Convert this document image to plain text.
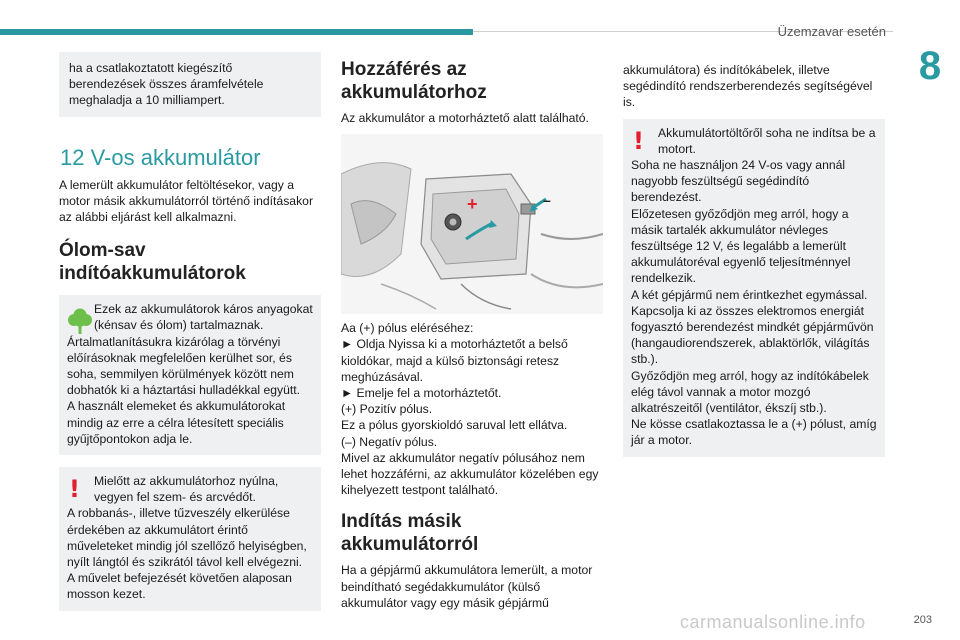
Üzemzavar esetén
8

ha a csatlakoztatott kiegészítő berendezések összes áramfelvétele meghaladja a 10 milliampert.

12 V-os akkumulátor

A lemerült akkumulátor feltöltésekor, vagy a motor másik akkumulátorról történő indításakor az alábbi eljárást kell alkalmazni.

Ólom-sav indítóakkumulátorok

Ezek az akkumulátorok káros anyagokat (kénsav és ólom) tartalmaznak.

Ártalmatlanításukra kizárólag a törvényi előírásoknak megfelelően kerülhet sor, és soha, semmilyen körülmények között nem dobhatók ki a háztartási hulladékkal együtt.

A használt elemeket és akkumulátorokat mindig az erre a célra létesített speciális gyűjtőpontokon adja le.

!	Mielőtt az akkumulátorhoz nyúlna, vegyen fel szem- és arcvédőt.

A robbanás-, illetve tűzveszély elkerülése érdekében az akkumulátort érintő műveleteket mindig jól szellőző helyiségben, nyílt lángtól és szikrától távol kell elvégezni.

A művelet befejezését követően alaposan mosson kezet.

Hozzáférés az akkumulátorhoz

Az akkumulátor a motorháztető alatt található.

+	–

Aa (+) pólus eléréséhez:

► Oldja Nyissa ki a motorháztetőt a belső kioldókar, majd a külső biztonsági retesz meghúzásával.

► Emelje fel a motorháztetőt.

(+) Pozitív pólus.

Ez a pólus gyorskioldó saruval lett ellátva.

(–) Negatív pólus.

Mivel az akkumulátor negatív pólusához nem lehet hozzáférni, az akkumulátor közelében egy kihelyezett testpont található.

Indítás másik akkumulátorról

Ha a gépjármű akkumulátora lemerült, a motor beindítható segédakkumulátor (külső akkumulátor vagy egy másik gépjármű

akkumulátora) és indítókábelek, illetve segédindító rendszerberendezés segítségével is.

!	Akkumulátortöltőről soha ne indítsa be a motort.

Soha ne használjon 24 V-os vagy annál nagyobb feszültségű segédindító berendezést.

Előzetesen győződjön meg arról, hogy a másik tartalék akkumulátor névleges feszültsége 12 V, és legalább a lemerült akkumulátoréval egyenlő teljesítménnyel rendelkezik.

A két gépjármű nem érintkezhet egymással.

Kapcsolja ki az összes elektromos energiát fogyasztó berendezést mindkét gépjárművön (hangaudiorendszerek, ablaktörlők, világítás stb.).

Győződjön meg arról, hogy az indítókábelek elég távol vannak a motor mozgó alkatrészeitől (ventilátor, ékszíj stb.).

Ne kösse csatlakoztassa le a (+) pólust, amíg jár a motor.

carmanualsonline.info	203
